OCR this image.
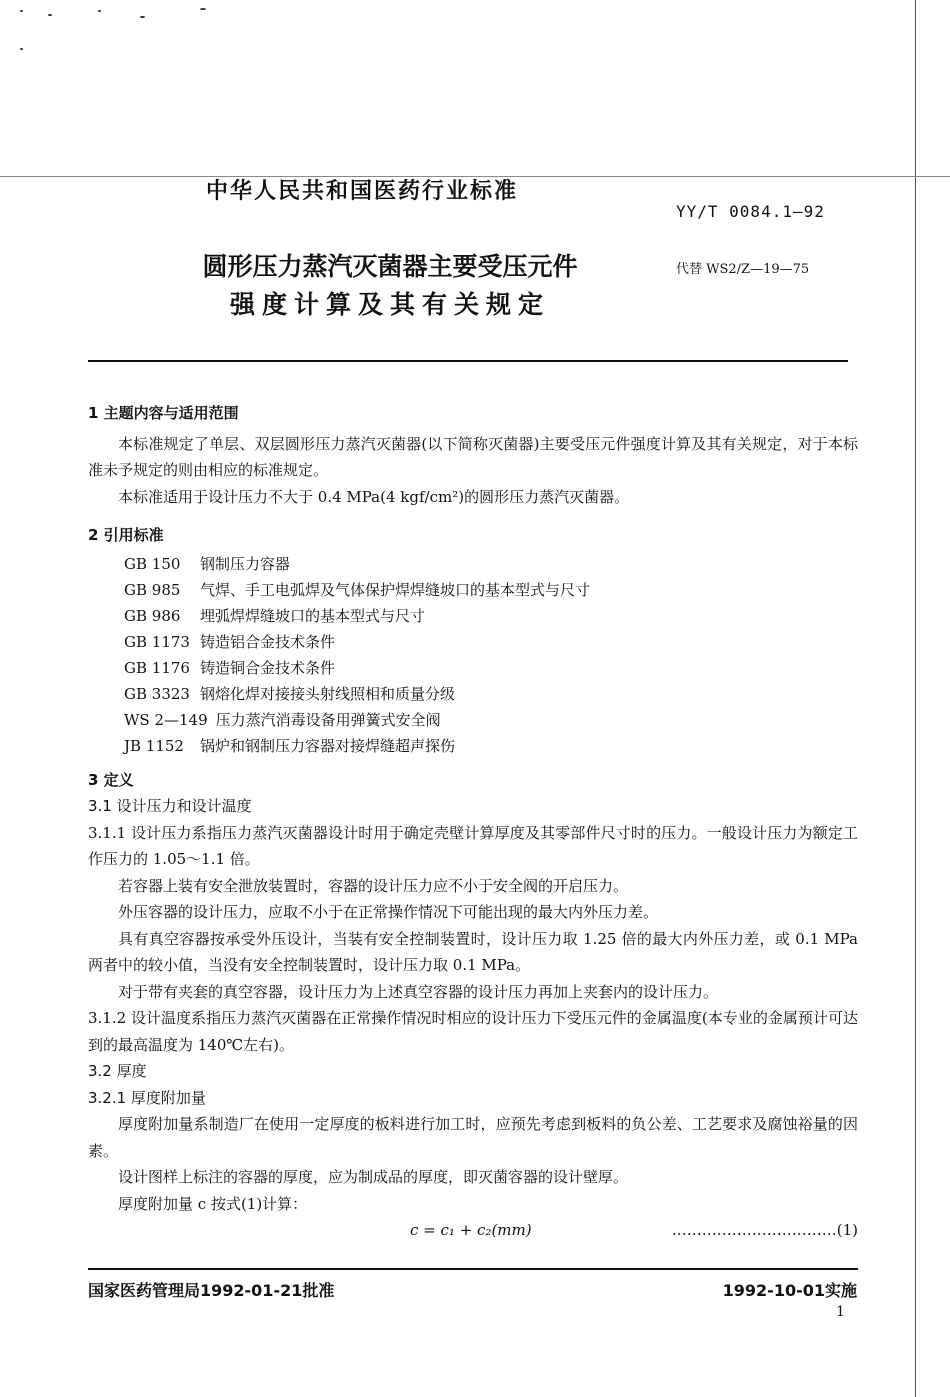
中华人民共和国医药行业标准
YY/T 0084.1—92
圆形压力蒸汽灭菌器主要受压元件
强度计算及其有关规定
代替 WS2/Z—19—75
1 主题内容与适用范围

本标准规定了单层、双层圆形压力蒸汽灭菌器(以下简称灭菌器)主要受压元件强度计算及其有关规定，对于本标准未予规定的则由相应的标准规定。

本标准适用于设计压力不大于 0.4 MPa(4 kgf/cm²)的圆形压力蒸汽灭菌器。

2 引用标准
GB 150 钢制压力容器
GB 985 气焊、手工电弧焊及气体保护焊焊缝坡口的基本型式与尺寸
GB 986 埋弧焊焊缝坡口的基本型式与尺寸
GB 1173 铸造铝合金技术条件
GB 1176 铸造铜合金技术条件
GB 3323 钢熔化焊对接接头射线照相和质量分级
WS 2—149 压力蒸汽消毒设备用弹簧式安全阀
JB 1152 锅炉和钢制压力容器对接焊缝超声探伤
3 定义
3.1 设计压力和设计温度

3.1.1 设计压力系指压力蒸汽灭菌器设计时用于确定壳壁计算厚度及其零部件尺寸时的压力。一般设计压力为额定工作压力的 1.05～1.1 倍。

若容器上装有安全泄放装置时，容器的设计压力应不小于安全阀的开启压力。

外压容器的设计压力，应取不小于在正常操作情况下可能出现的最大内外压力差。

具有真空容器按承受外压设计，当装有安全控制装置时，设计压力取 1.25 倍的最大内外压力差，或 0.1 MPa 两者中的较小值，当没有安全控制装置时，设计压力取 0.1 MPa。

对于带有夹套的真空容器，设计压力为上述真空容器的设计压力再加上夹套内的设计压力。

3.1.2 设计温度系指压力蒸汽灭菌器在正常操作情况时相应的设计压力下受压元件的金属温度(本专业的金属预计可达到的最高温度为 140℃左右)。

3.2 厚度
3.2.1 厚度附加量

厚度附加量系制造厂在使用一定厚度的板料进行加工时，应预先考虑到板料的负公差、工艺要求及腐蚀裕量的因素。

设计图样上标注的容器的厚度，应为制成品的厚度，即灭菌容器的设计壁厚。

厚度附加量 c 按式(1)计算：

c = c₁ + c₂(mm)	……………………………(1)
国家医药管理局1992-01-21批准	1992-10-01实施
1
